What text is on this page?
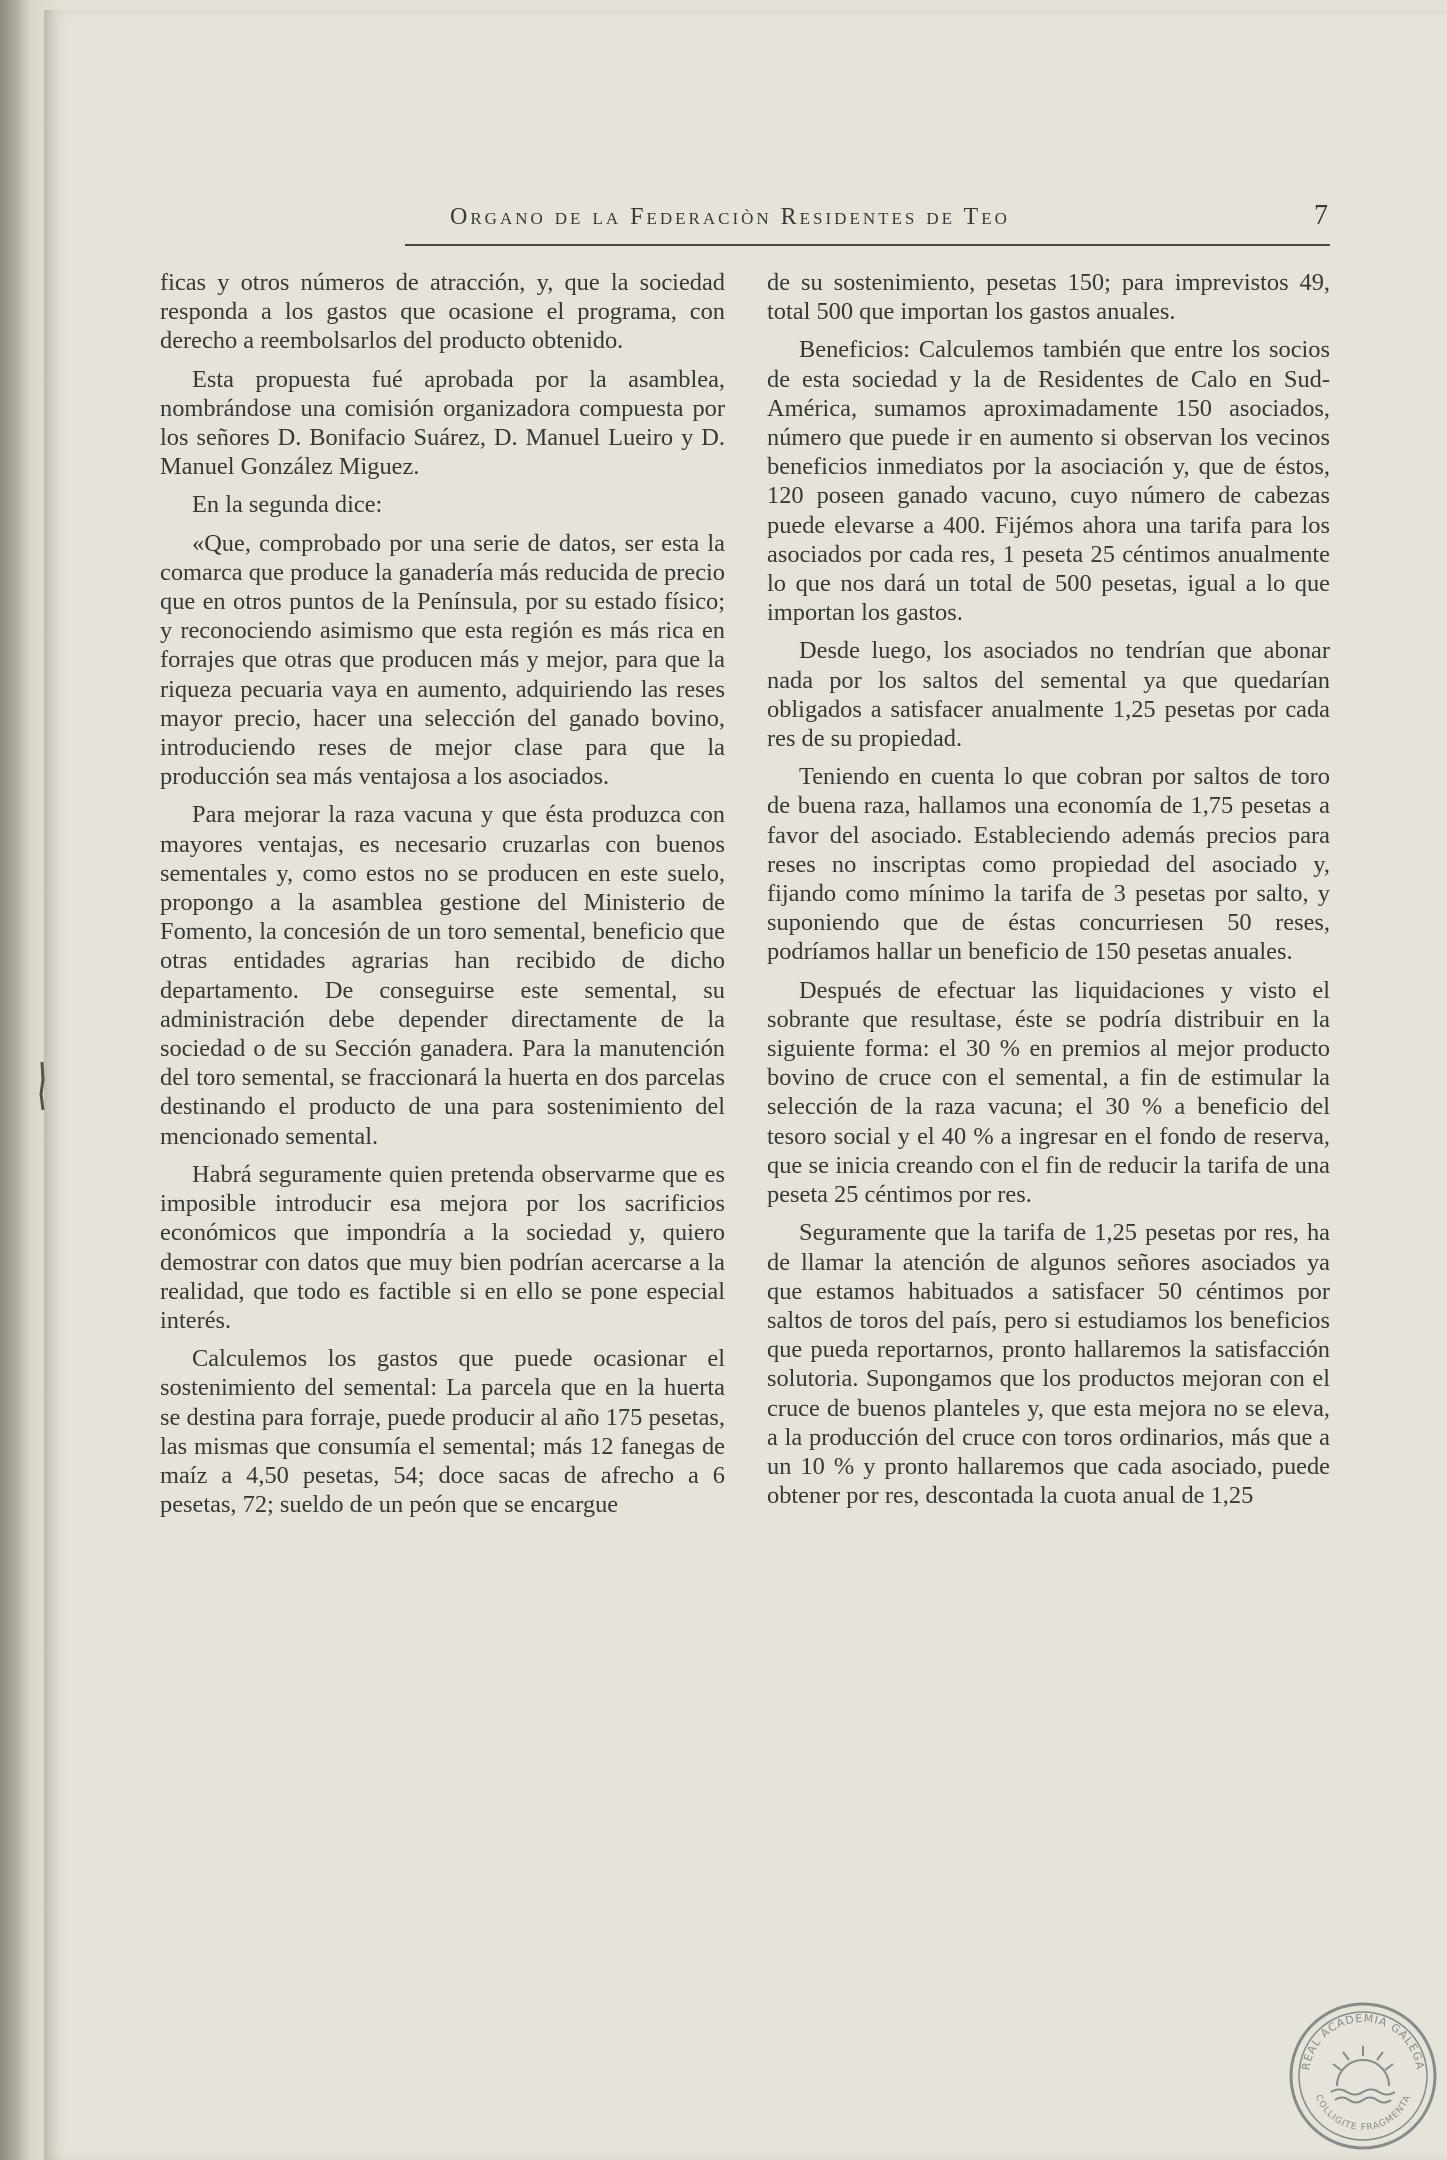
Organo de la Federaciòn Residentes de Teo	7

ficas y otros números de atracción, y, que la sociedad responda a los gastos que ocasione el programa, con derecho a reembolsarlos del producto obtenido.

Esta propuesta fué aprobada por la asamblea, nombrándose una comisión organizadora compuesta por los señores D. Bonifacio Suárez, D. Manuel Lueiro y D. Manuel González Miguez.

En la segunda dice:

«Que, comprobado por una serie de datos, ser esta la comarca que produce la ganadería más reducida de precio que en otros puntos de la Península, por su estado físico; y reconociendo asimismo que esta región es más rica en forrajes que otras que producen más y mejor, para que la riqueza pecuaria vaya en aumento, adquiriendo las reses mayor precio, hacer una selección del ganado bovino, introduciendo reses de mejor clase para que la producción sea más ventajosa a los asociados.

Para mejorar la raza vacuna y que ésta produzca con mayores ventajas, es necesario cruzarlas con buenos sementales y, como estos no se producen en este suelo, propongo a la asamblea gestione del Ministerio de Fomento, la concesión de un toro semental, beneficio que otras entidades agrarias han recibido de dicho departamento. De conseguirse este semental, su administración debe depender directamente de la sociedad o de su Sección ganadera. Para la manutención del toro semental, se fraccionará la huerta en dos parcelas destinando el producto de una para sostenimiento del mencionado semental.

Habrá seguramente quien pretenda observarme que es imposible introducir esa mejora por los sacrificios económicos que impondría a la sociedad y, quiero demostrar con datos que muy bien podrían acercarse a la realidad, que todo es factible si en ello se pone especial interés.

Calculemos los gastos que puede ocasionar el sostenimiento del semental: La parcela que en la huerta se destina para forraje, puede producir al año 175 pesetas, las mismas que consumía el semental; más 12 fanegas de maíz a 4,50 pesetas, 54; doce sacas de afrecho a 6 pesetas, 72; sueldo de un peón que se encargue

de su sostenimiento, pesetas 150; para imprevistos 49, total 500 que importan los gastos anuales.

Beneficios: Calculemos también que entre los socios de esta sociedad y la de Residentes de Calo en Sud-América, sumamos aproximadamente 150 asociados, número que puede ir en aumento si observan los vecinos beneficios inmediatos por la asociación y, que de éstos, 120 poseen ganado vacuno, cuyo número de cabezas puede elevarse a 400. Fijémos ahora una tarifa para los asociados por cada res, 1 peseta 25 céntimos anualmente lo que nos dará un total de 500 pesetas, igual a lo que importan los gastos.

Desde luego, los asociados no tendrían que abonar nada por los saltos del semental ya que quedarían obligados a satisfacer anualmente 1,25 pesetas por cada res de su propiedad.

Teniendo en cuenta lo que cobran por saltos de toro de buena raza, hallamos una economía de 1,75 pesetas a favor del asociado. Estableciendo además precios para reses no inscriptas como propiedad del asociado y, fijando como mínimo la tarifa de 3 pesetas por salto, y suponiendo que de éstas concurriesen 50 reses, podríamos hallar un beneficio de 150 pesetas anuales.

Después de efectuar las liquidaciones y visto el sobrante que resultase, éste se podría distribuir en la siguiente forma: el 30 % en premios al mejor producto bovino de cruce con el semental, a fin de estimular la selección de la raza vacuna; el 30 % a beneficio del tesoro social y el 40 % a ingresar en el fondo de reserva, que se inicia creando con el fin de reducir la tarifa de una peseta 25 céntimos por res.

Seguramente que la tarifa de 1,25 pesetas por res, ha de llamar la atención de algunos señores asociados ya que estamos habituados a satisfacer 50 céntimos por saltos de toros del país, pero si estudiamos los beneficios que pueda reportarnos, pronto hallaremos la satisfacción solutoria. Supongamos que los productos mejoran con el cruce de buenos planteles y, que esta mejora no se eleva, a la producción del cruce con toros ordinarios, más que a un 10 % y pronto hallaremos que cada asociado, puede obtener por res, descontada la cuota anual de 1,25

REAL ACADEMIA GALEGA
COLLIGITE FRAGMENTA
